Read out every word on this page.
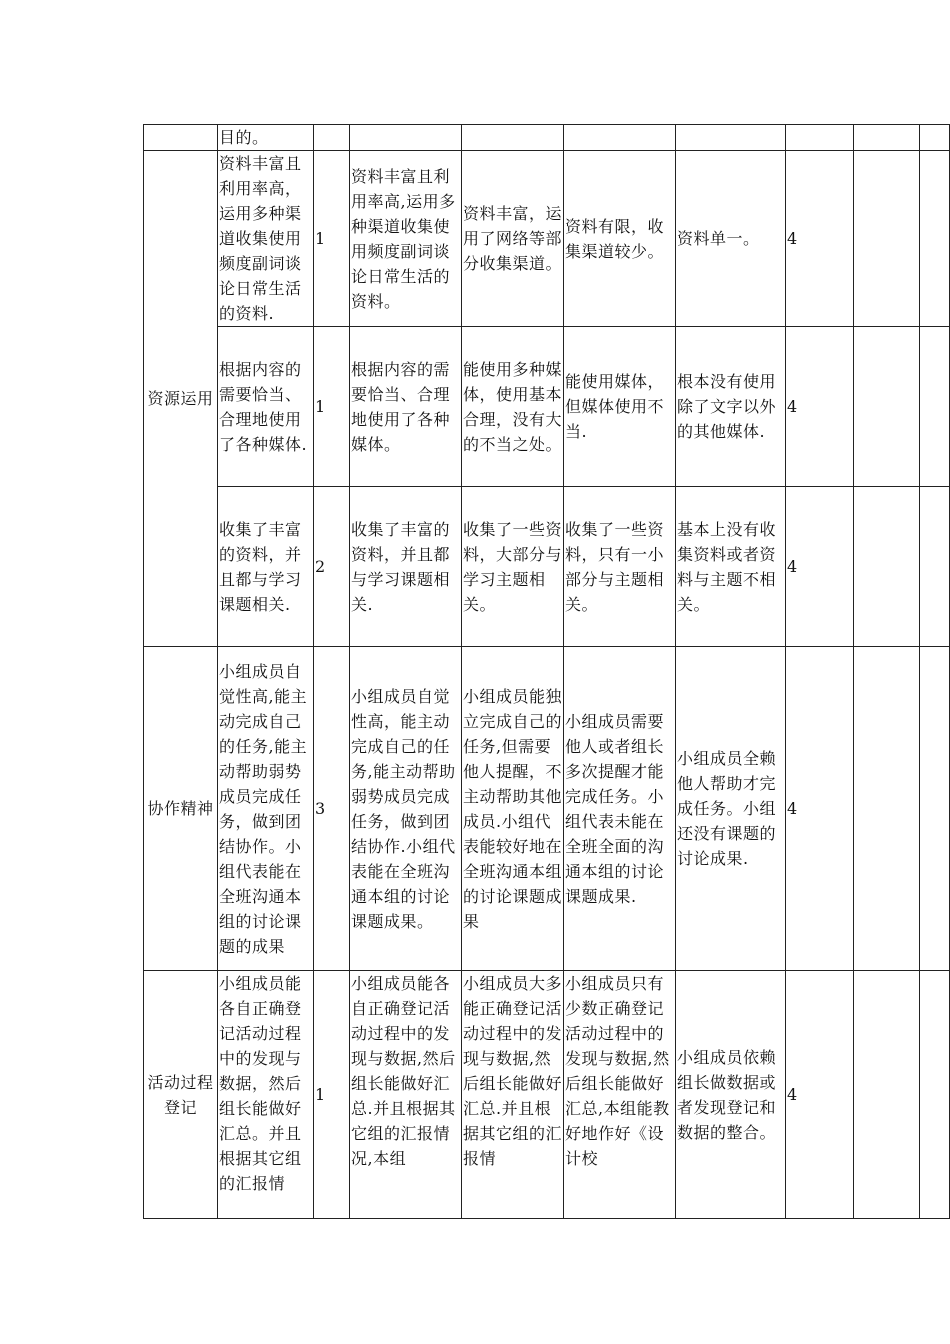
	目的。								

资源运用	资料丰富且利用率高，运用多种渠道收集使用频度副词谈论日常生活的资料.	1	资料丰富且利用率高,运用多种渠道收集使用频度副词谈论日常生活的资料。	资料丰富，运用了网络等部分收集渠道。	资料有限，收集渠道较少。	资料单一。	4		

	根据内容的需要恰当、合理地使用了各种媒体.	1	根据内容的需要恰当、合理地使用了各种媒体。	能使用多种媒体，使用基本合理，没有大的不当之处。	能使用媒体，但媒体使用不当.	根本没有使用除了文字以外的其他媒体.	4		

	收集了丰富的资料，并且都与学习课题相关.	2	收集了丰富的资料，并且都与学习课题相关.	收集了一些资料，大部分与学习主题相关。	收集了一些资料，只有一小部分与主题相关。	基本上没有收集资料或者资料与主题不相关。	4		

协作精神	小组成员自觉性高,能主动完成自己的任务,能主动帮助弱势成员完成任务，做到团结协作。小组代表能在全班沟通本组的讨论课题的成果	3	小组成员自觉性高，能主动完成自己的任务,能主动帮助弱势成员完成任务，做到团结协作.小组代表能在全班沟通本组的讨论课题成果。	小组成员能独立完成自己的任务,但需要他人提醒，不主动帮助其他成员.小组代表能较好地在全班沟通本组的讨论课题成果	小组成员需要他人或者组长多次提醒才能完成任务。小组代表未能在全班全面的沟通本组的讨论课题成果.	小组成员全赖他人帮助才完成任务。小组还没有课题的讨论成果.	4		

活动过程登记	小组成员能各自正确登记活动过程中的发现与数据，然后组长能做好汇总。并且根据其它组的汇报情	1	小组成员能各自正确登记活动过程中的发现与数据,然后组长能做好汇总.并且根据其它组的汇报情况,本组	小组成员大多能正确登记活动过程中的发现与数据,然后组长能做好汇总.并且根据其它组的汇报情	小组成员只有少数正确登记活动过程中的发现与数据,然后组长能做好汇总,本组能教好地作好《设计校	小组成员依赖组长做数据或者发现登记和数据的整合。	4		
